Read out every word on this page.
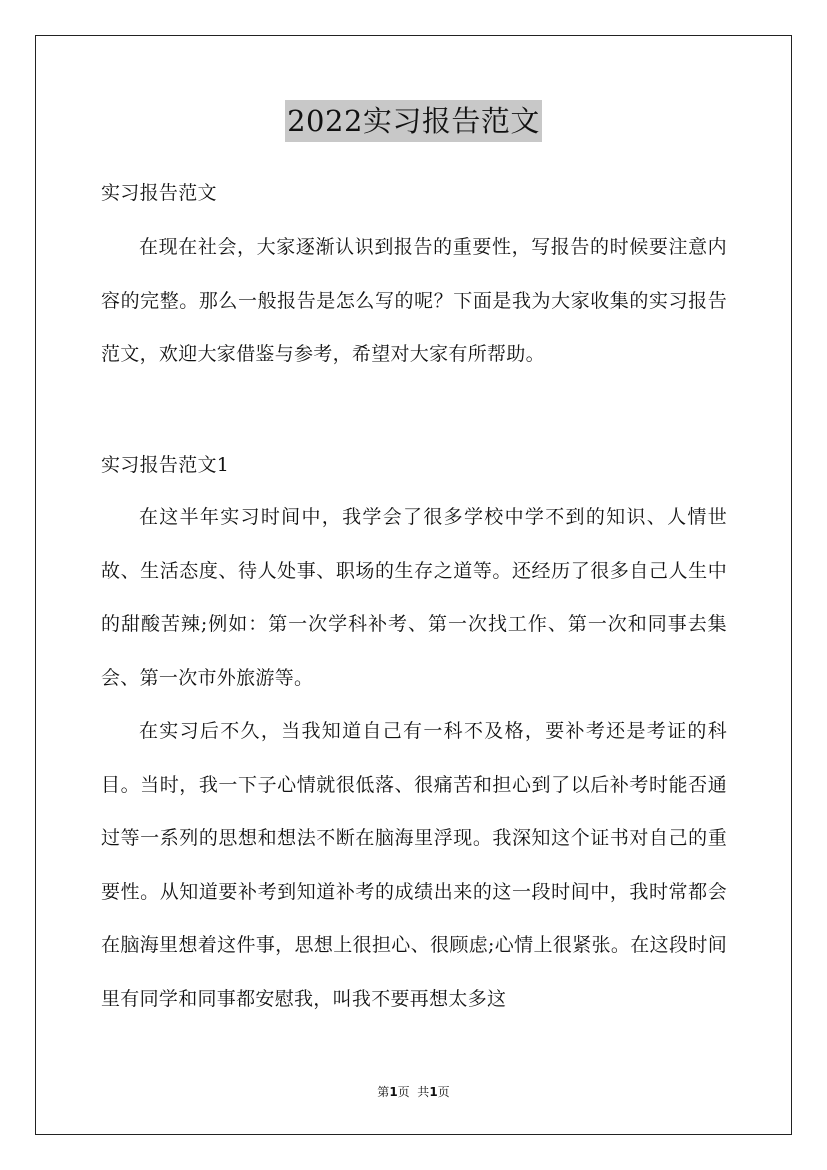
2022实习报告范文
实习报告范文
在现在社会，大家逐渐认识到报告的重要性，写报告的时候要注意内容的完整。那么一般报告是怎么写的呢？下面是我为大家收集的实习报告范文，欢迎大家借鉴与参考，希望对大家有所帮助。
实习报告范文1
在这半年实习时间中，我学会了很多学校中学不到的知识、人情世故、生活态度、待人处事、职场的生存之道等。还经历了很多自己人生中的甜酸苦辣;例如：第一次学科补考、第一次找工作、第一次和同事去集会、第一次市外旅游等。
在实习后不久，当我知道自己有一科不及格，要补考还是考证的科目。当时，我一下子心情就很低落、很痛苦和担心到了以后补考时能否通过等一系列的思想和想法不断在脑海里浮现。我深知这个证书对自己的重要性。从知道要补考到知道补考的成绩出来的这一段时间中，我时常都会在脑海里想着这件事，思想上很担心、很顾虑;心情上很紧张。在这段时间里有同学和同事都安慰我，叫我不要再想太多这
第1页  共1页
